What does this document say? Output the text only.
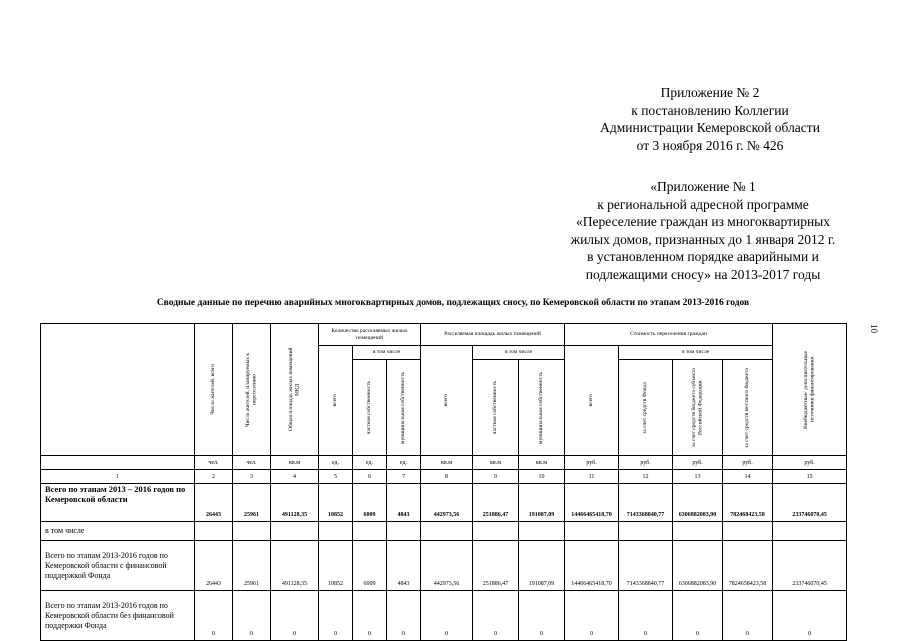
Приложение № 2
к постановлению Коллегии
Администрации Кемеровской области
от 3 ноября 2016 г. № 426
«Приложение № 1
к региональной адресной программе
«Переселение граждан из многоквартирных
жилых домов, признанных до 1 января 2012 г.
в установленном порядке аварийными и
подлежащими сносу» на 2013-2017 годы
Сводные данные по перечню аварийных многоквартирных домов, подлежащих сносу, по Кемеровской области по этапам 2013-2016 годов
10

	Число жителей, всего	Число жителей, планируемых к переселению	Общая площадь жилых помещений МКД	Количество расселяемых жилых помещений			Расселяемая площадь жилых помещений			Стоимость переселения граждан				Внебюджетные/ дополнительные источники финансирования

				всего	в том числе		всего	в том числе		всего	в том числе			

					частная собственность	муниципальная собственность		частная собственность	муниципальная собственность		за счет средств Фонда	за счет средств бюджета субъекта Российской Федерации	за счет средств местного бюджета	

	чел.	чел.	кв.м	ед.	ед.	ед.	кв.м	кв.м	кв.м	руб.	руб.	руб.	руб.	руб.
1	2	3	4	5	6	7	8	9	10	11	12	13	14	15
Всего по этапам 2013 – 2016 годов по Кемеровской области	26443	25961	491128,35	10852	6009	4843	442973,56	251886,47	191087,09	14466465418,70	7143368840,77	6306882083,90	782468423,58	233746070,45
в том числе														
Всего по этапам 2013-2016 годов по Кемеровской области с финансовой поддержкой Фонда	26443	25961	491128,35	10852	6009	4843	442973,56	251886,47	191087,09	14466465418,70	7143368840,77	6306882083,90	7824658423,58	233746070,45
Всего по этапам 2013-2016 годов по Кемеровской области без финансовой поддержки Фонда	0	0	0	0	0	0	0	0	0	0	0	0	0	0
